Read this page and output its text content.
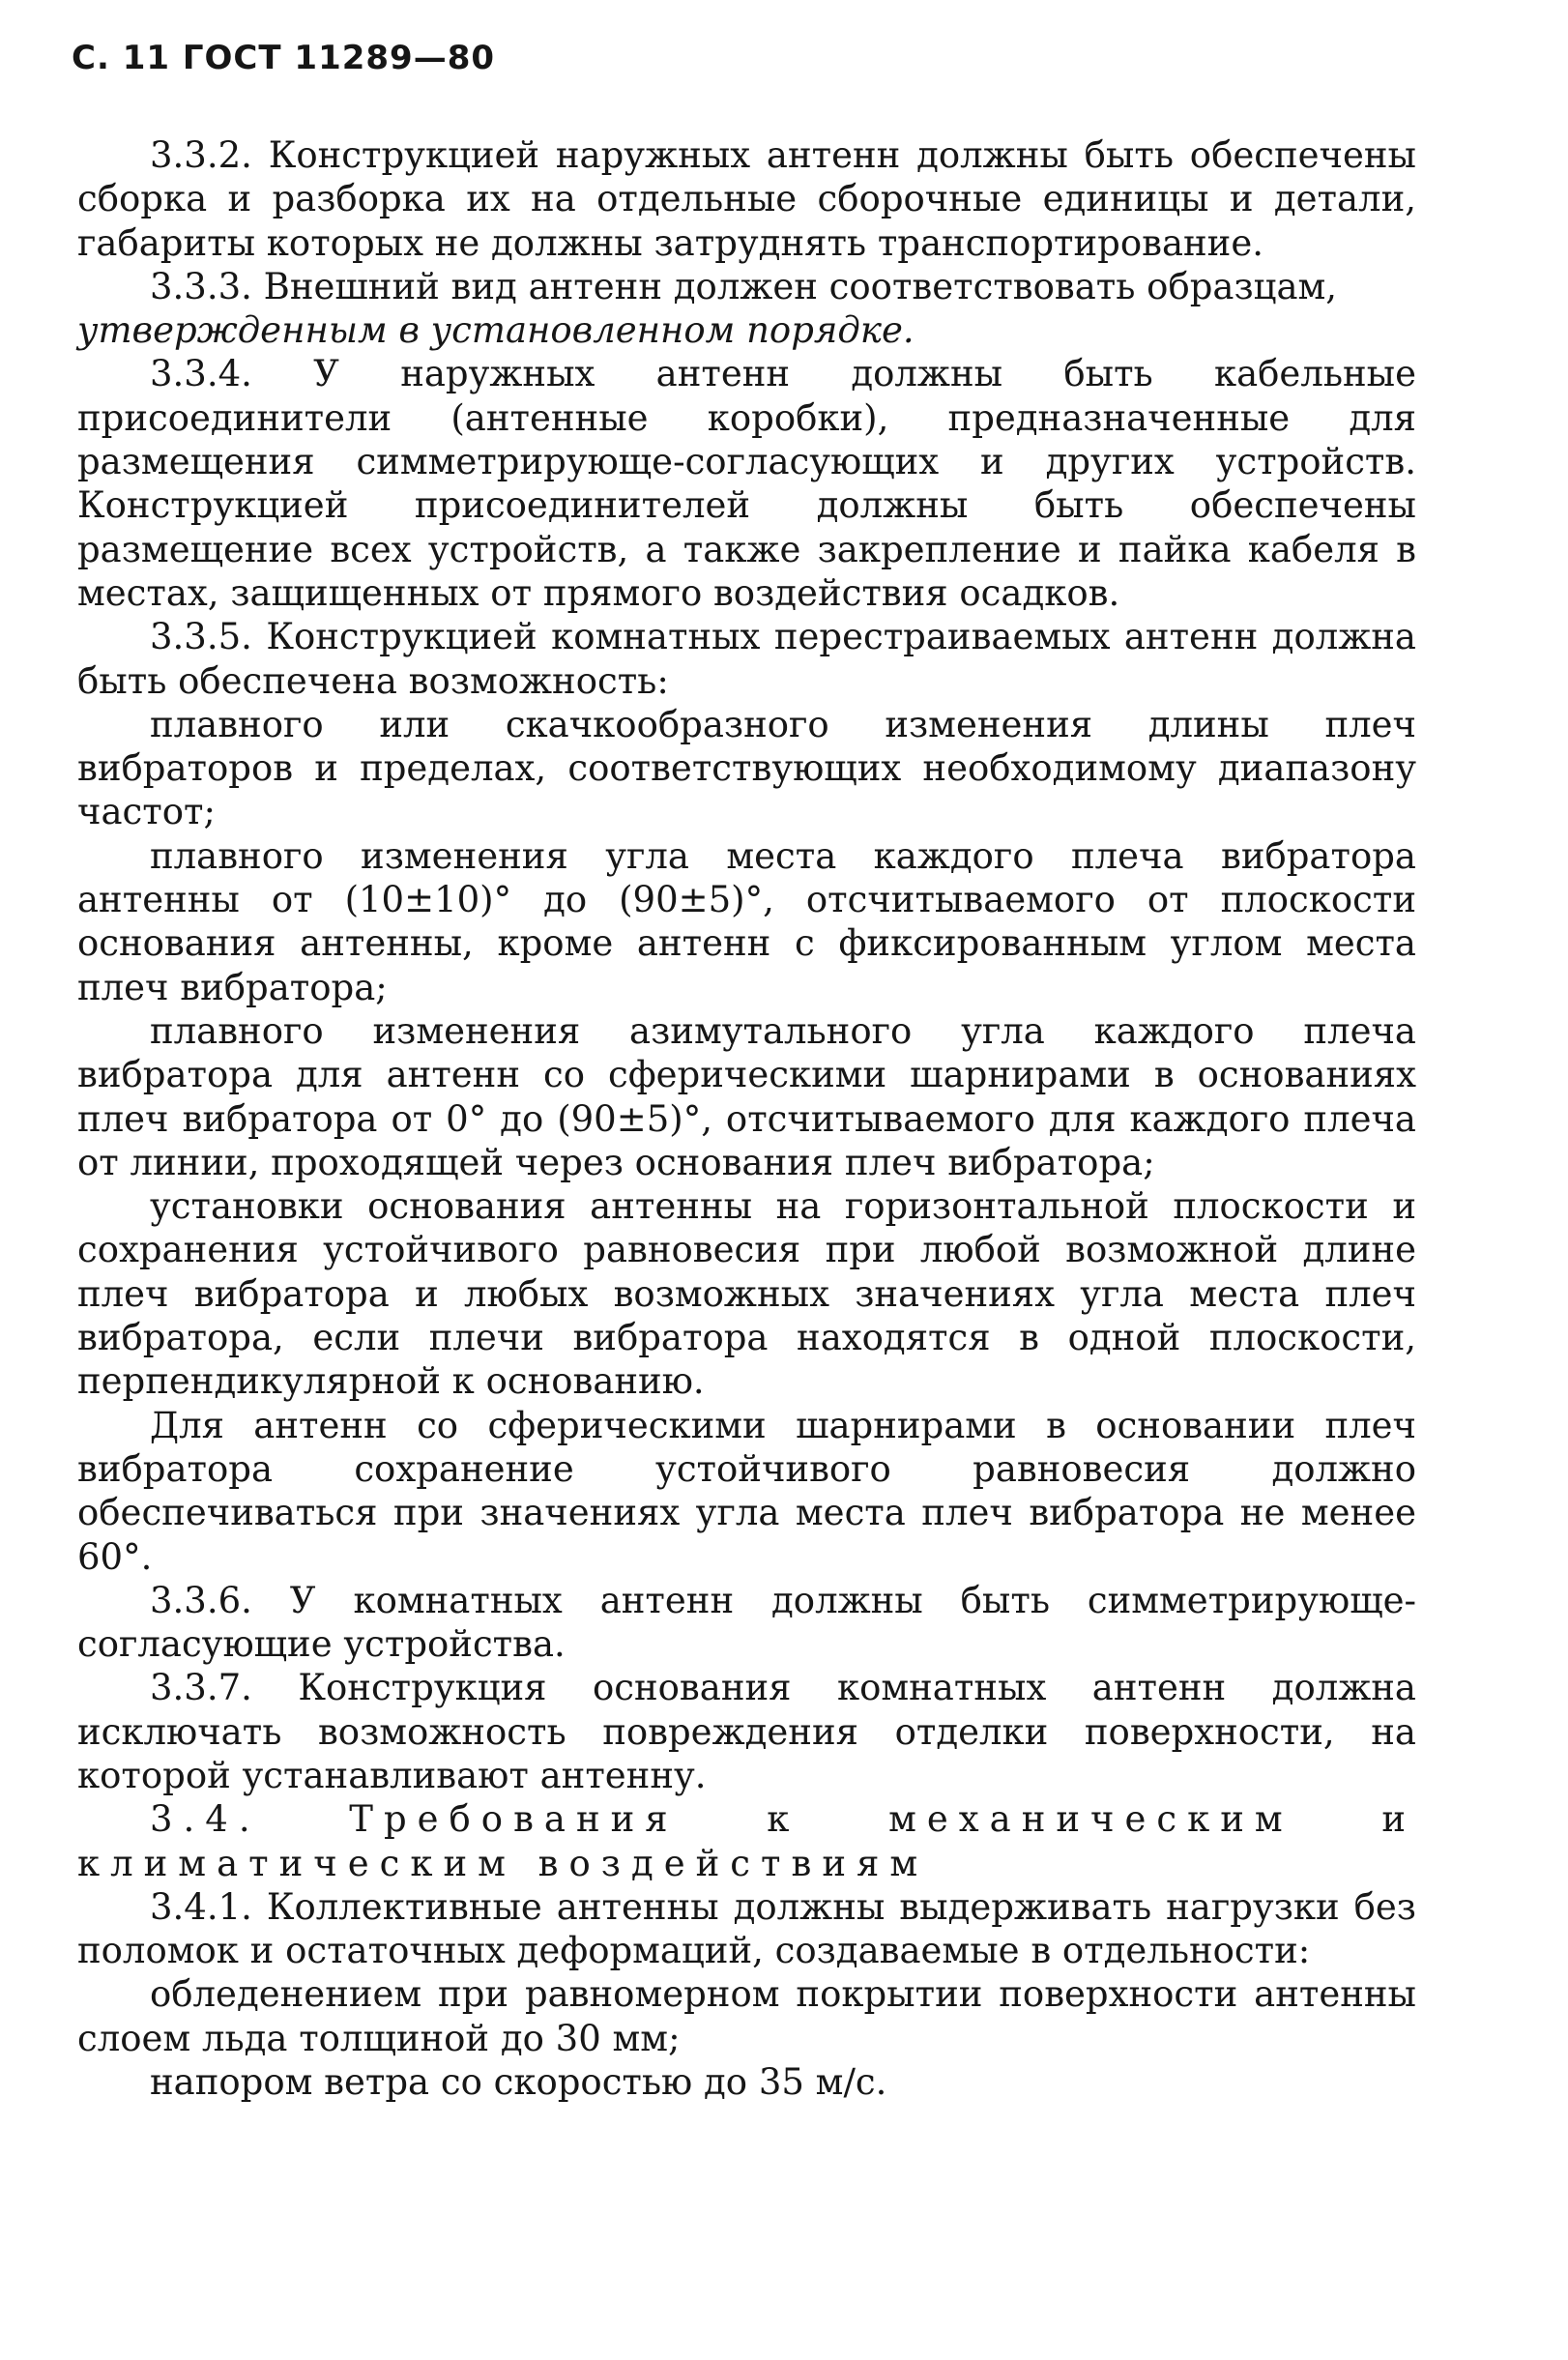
С. 11 ГОСТ 11289—80

3.3.2. Конструкцией наружных антенн должны быть обеспечены сборка и разборка их на отдельные сборочные единицы и детали, габариты которых не должны затруднять транспортирование.

3.3.3. Внешний вид антенн должен соответствовать образцам,

утвержденным в установленном порядке.

3.3.4. У наружных антенн должны быть кабельные присоединители (антенные коробки), предназначенные для размещения симметрирующе-согласующих и других устройств. Конструкцией присоединителей должны быть обеспечены размещение всех устройств, а также закрепление и пайка кабеля в местах, защищенных от прямого воздействия осадков.

3.3.5. Конструкцией комнатных перестраиваемых антенн должна быть обеспечена возможность:

плавного или скачкообразного изменения длины плеч вибраторов и пределах, соответствующих необходимому диапазону частот;

плавного изменения угла места каждого плеча вибратора антенны от (10±10)° до (90±5)°, отсчитываемого от плоскости основания антенны, кроме антенн с фиксированным углом места плеч вибратора;

плавного изменения азимутального угла каждого плеча вибратора для антенн со сферическими шарнирами в основаниях плеч вибратора от 0° до (90±5)°, отсчитываемого для каждого плеча от линии, проходящей через основания плеч вибратора;

установки основания антенны на горизонтальной плоскости и сохранения устойчивого равновесия при любой возможной длине плеч вибратора и любых возможных значениях угла места плеч вибратора, если плечи вибратора находятся в одной плоскости, перпендикулярной к основанию.

Для антенн со сферическими шарнирами в основании плеч вибратора сохранение устойчивого равновесия должно обеспечиваться при значениях угла места плеч вибратора не менее 60°.

3.3.6. У комнатных антенн должны быть симметрирующе-согласующие устройства.

3.3.7. Конструкция основания комнатных антенн должна исключать возможность повреждения отделки поверхности, на которой устанавливают антенну.

3.4. Требования к механическим и климатическим воздействиям

3.4.1. Коллективные антенны должны выдерживать нагрузки без поломок и остаточных деформаций, создаваемые в отдельности:

обледенением при равномерном покрытии поверхности антенны слоем льда толщиной до 30 мм;

напором ветра со скоростью до 35 м/с.
